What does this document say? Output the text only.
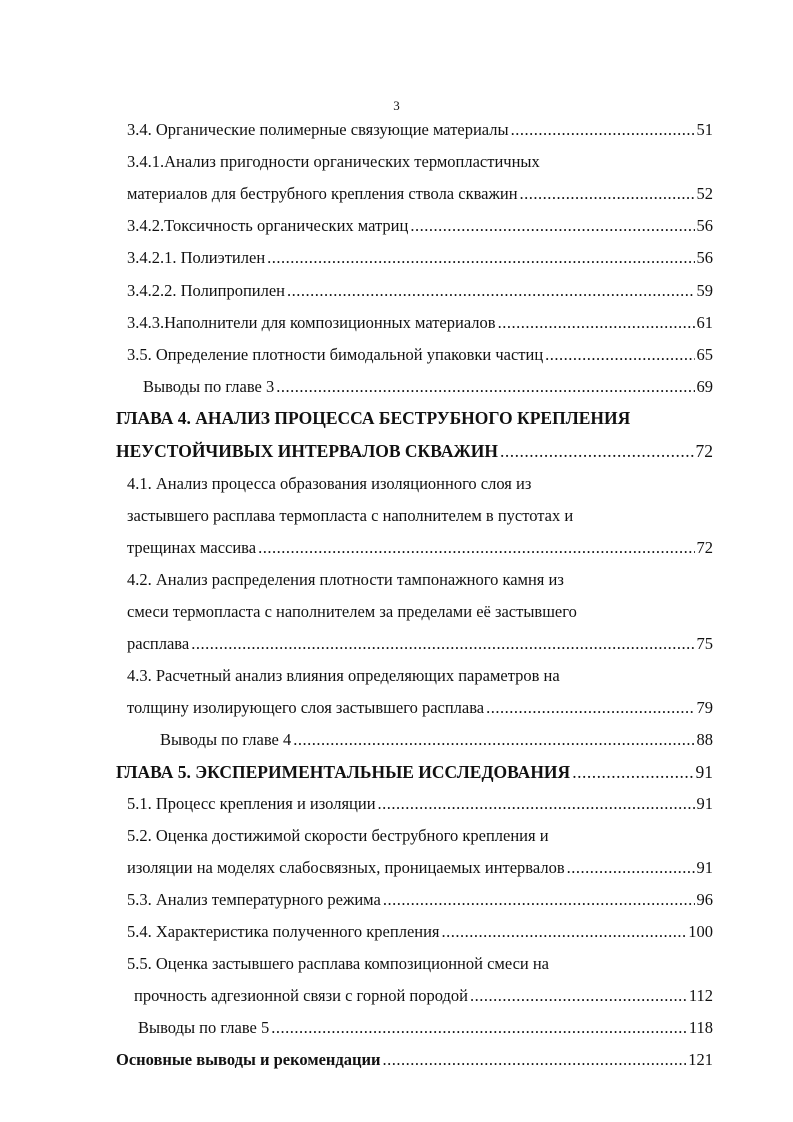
3
3.4. Органические полимерные связующие материалы .....	51
3.4.1.Анализ пригодности органических термопластичных
материалов для беструбного крепления ствола скважин .....	52
3.4.2.Токсичность органических матриц .....	56
3.4.2.1. Полиэтилен .....	56
3.4.2.2. Полипропилен .....	59
3.4.3.Наполнители для композиционных материалов .....	61
3.5. Определение плотности бимодальной упаковки частиц .....	65
Выводы по главе 3 .....	69
ГЛАВА 4. АНАЛИЗ ПРОЦЕССА БЕСТРУБНОГО КРЕПЛЕНИЯ
НЕУСТОЙЧИВЫХ ИНТЕРВАЛОВ СКВАЖИН .....	72
4.1. Анализ процесса образования изоляционного слоя из
застывшего расплава термопласта с наполнителем в пустотах и
трещинах массива .....	72
4.2. Анализ распределения плотности тампонажного камня из
смеси термопласта с наполнителем за пределами её застывшего
расплава .....	75
4.3. Расчетный анализ влияния определяющих параметров на
толщину изолирующего слоя застывшего расплава .....	79
Выводы по главе 4 .....	88
ГЛАВА 5. ЭКСПЕРИМЕНТАЛЬНЫЕ ИССЛЕДОВАНИЯ .....	91
5.1. Процесс крепления и изоляции .....	91
5.2. Оценка достижимой скорости беструбного крепления и
изоляции на моделях слабосвязных, проницаемых интервалов .....	91
5.3. Анализ температурного режима .....	96
5.4. Характеристика полученного крепления .....	100
5.5. Оценка застывшего расплава композиционной смеси на
прочность адгезионной связи с горной породой .....	112
Выводы по главе 5 .....	118
Основные выводы и рекомендации .....	121
